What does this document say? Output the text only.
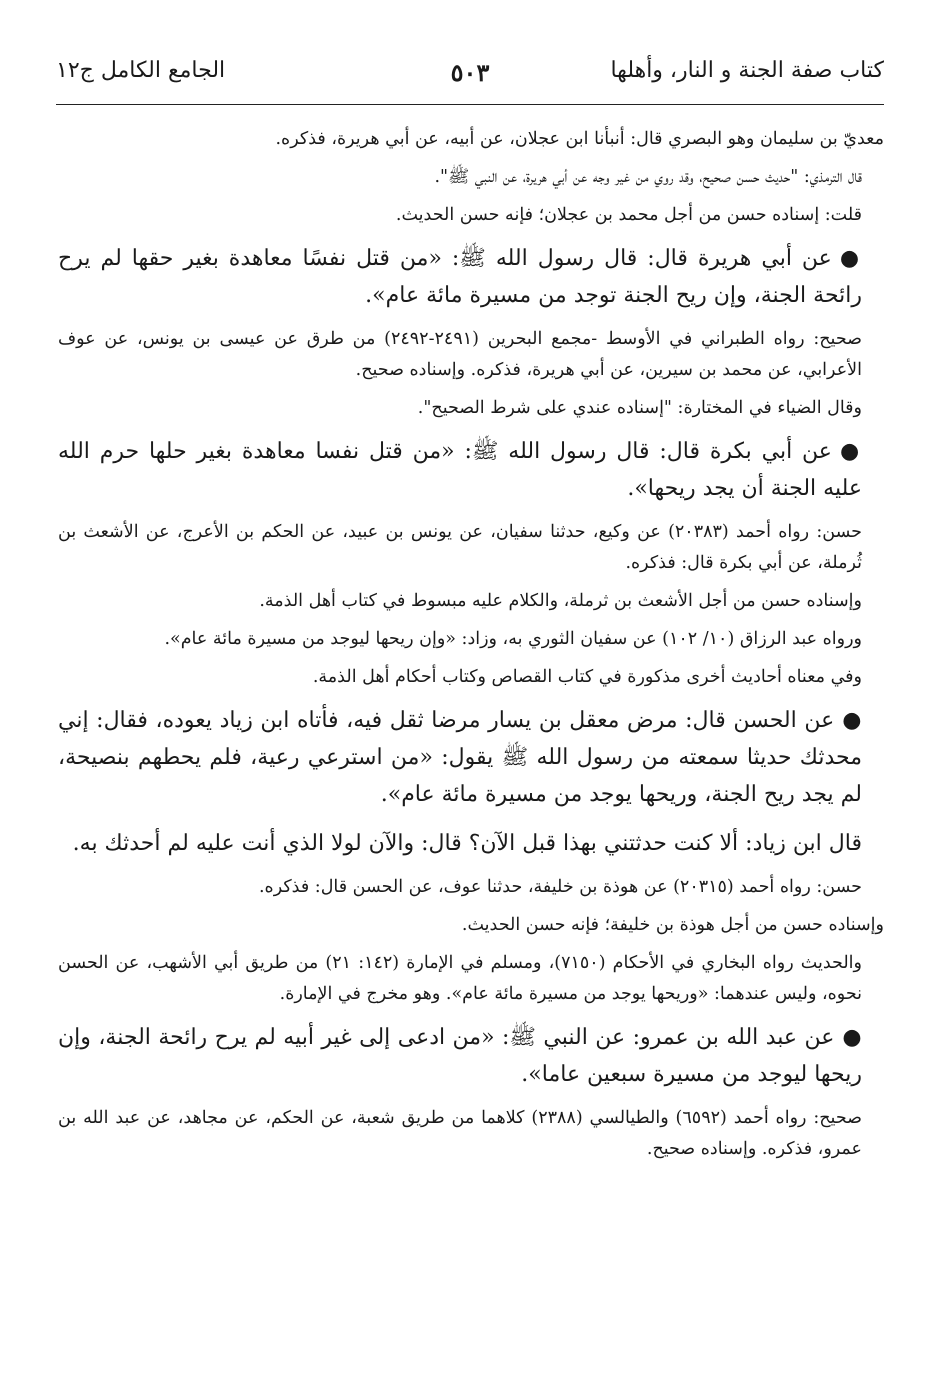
كتاب صفة الجنة و النار، وأهلها
٥٠٣
الجامع الكامل ج١٢
معديّ بن سليمان وهو البصري قال: أنبأنا ابن عجلان، عن أبيه، عن أبي هريرة، فذكره.
قال الترمذي: "حديث حسن صحيح، وقد روي من غير وجه عن أبي هريرة، عن النبي ﷺ".
قلت: إسناده حسن من أجل محمد بن عجلان؛ فإنه حسن الحديث.
●عن أبي هريرة قال: قال رسول الله ﷺ: «من قتل نفسًا معاهدة بغير حقها لم يرح رائحة الجنة، وإن ريح الجنة توجد من مسيرة مائة عام».
صحيح: رواه الطبراني في الأوسط -مجمع البحرين (٢٤٩١-٢٤٩٢) من طرق عن عيسى بن يونس، عن عوف الأعرابي، عن محمد بن سيرين، عن أبي هريرة، فذكره. وإسناده صحيح.
وقال الضياء في المختارة: "إسناده عندي على شرط الصحيح".
●عن أبي بكرة قال: قال رسول الله ﷺ: «من قتل نفسا معاهدة بغير حلها حرم الله عليه الجنة أن يجد ريحها».
حسن: رواه أحمد (٢٠٣٨٣) عن وكيع، حدثنا سفيان، عن يونس بن عبيد، عن الحكم بن الأعرج، عن الأشعث بن ثُرملة، عن أبي بكرة قال: فذكره.
وإسناده حسن من أجل الأشعث بن ثرملة، والكلام عليه مبسوط في كتاب أهل الذمة.
ورواه عبد الرزاق (١٠/ ١٠٢) عن سفيان الثوري به، وزاد: «وإن ريحها ليوجد من مسيرة مائة عام».
وفي معناه أحاديث أخرى مذكورة في كتاب القصاص وكتاب أحكام أهل الذمة.
●عن الحسن قال: مرض معقل بن يسار مرضا ثقل فيه، فأتاه ابن زياد يعوده، فقال: إني محدثك حديثا سمعته من رسول الله ﷺ يقول: «من استرعي رعية، فلم يحطهم بنصيحة، لم يجد ريح الجنة، وريحها يوجد من مسيرة مائة عام».
قال ابن زياد: ألا كنت حدثتني بهذا قبل الآن؟ قال: والآن لولا الذي أنت عليه لم أحدثك به.
حسن: رواه أحمد (٢٠٣١٥) عن هوذة بن خليفة، حدثنا عوف، عن الحسن قال: فذكره.
وإسناده حسن من أجل هوذة بن خليفة؛ فإنه حسن الحديث.
والحديث رواه البخاري في الأحكام (٧١٥٠)، ومسلم في الإمارة (١٤٢: ٢١) من طريق أبي الأشهب، عن الحسن نحوه، وليس عندهما: «وريحها يوجد من مسيرة مائة عام». وهو مخرج في الإمارة.
●عن عبد الله بن عمرو: عن النبي ﷺ: «من ادعى إلى غير أبيه لم يرح رائحة الجنة، وإن ريحها ليوجد من مسيرة سبعين عاما».
صحيح: رواه أحمد (٦٥٩٢) والطيالسي (٢٣٨٨) كلاهما من طريق شعبة، عن الحكم، عن مجاهد، عن عبد الله بن عمرو، فذكره. وإسناده صحيح.
